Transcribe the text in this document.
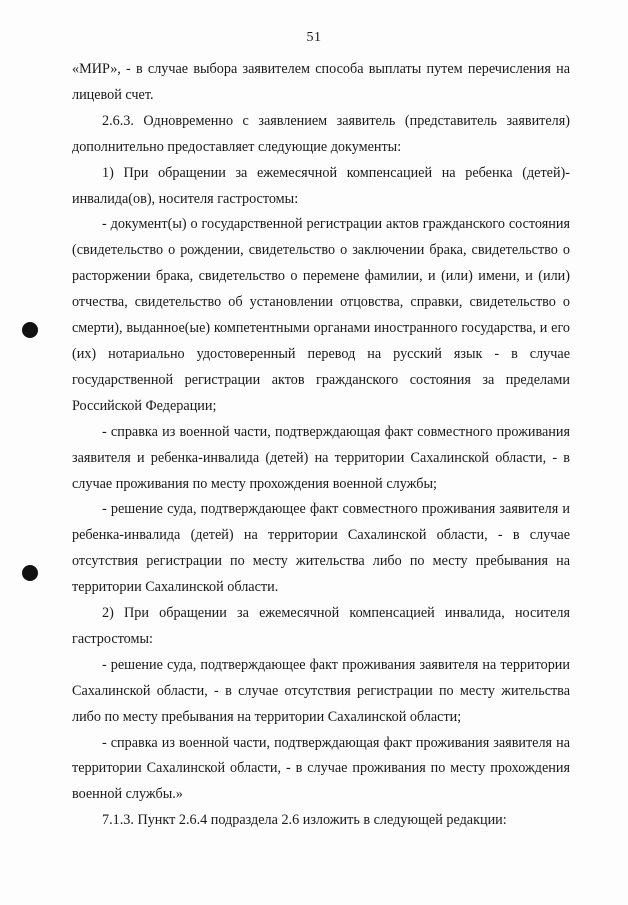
51

«МИР», - в случае выбора заявителем способа выплаты путем перечисления на лицевой счет.

2.6.3. Одновременно с заявлением заявитель (представитель заявителя) дополнительно предоставляет следующие документы:

1) При обращении за ежемесячной компенсацией на ребенка (детей)-инвалида(ов), носителя гастростомы:

- документ(ы) о государственной регистрации актов гражданского состояния (свидетельство о рождении, свидетельство о заключении брака, свидетельство о расторжении брака, свидетельство о перемене фамилии, и (или) имени, и (или) отчества, свидетельство об установлении отцовства, справки, свидетельство о смерти), выданное(ые) компетентными органами иностранного государства, и его (их) нотариально удостоверенный перевод на русский язык - в случае государственной регистрации актов гражданского состояния за пределами Российской Федерации;

- справка из военной части, подтверждающая факт совместного проживания заявителя и ребенка-инвалида (детей) на территории Сахалинской области, - в случае проживания по месту прохождения военной службы;

- решение суда, подтверждающее факт совместного проживания заявителя и ребенка-инвалида (детей) на территории Сахалинской области, - в случае отсутствия регистрации по месту жительства либо по месту пребывания на территории Сахалинской области.

2) При обращении за ежемесячной компенсацией инвалида, носителя гастростомы:

- решение суда, подтверждающее факт проживания заявителя на территории Сахалинской области, - в случае отсутствия регистрации по месту жительства либо по месту пребывания на территории Сахалинской области;

- справка из военной части, подтверждающая факт проживания заявителя на территории Сахалинской области, - в случае проживания по месту прохождения военной службы.»

7.1.3. Пункт 2.6.4 подраздела 2.6 изложить в следующей редакции:
